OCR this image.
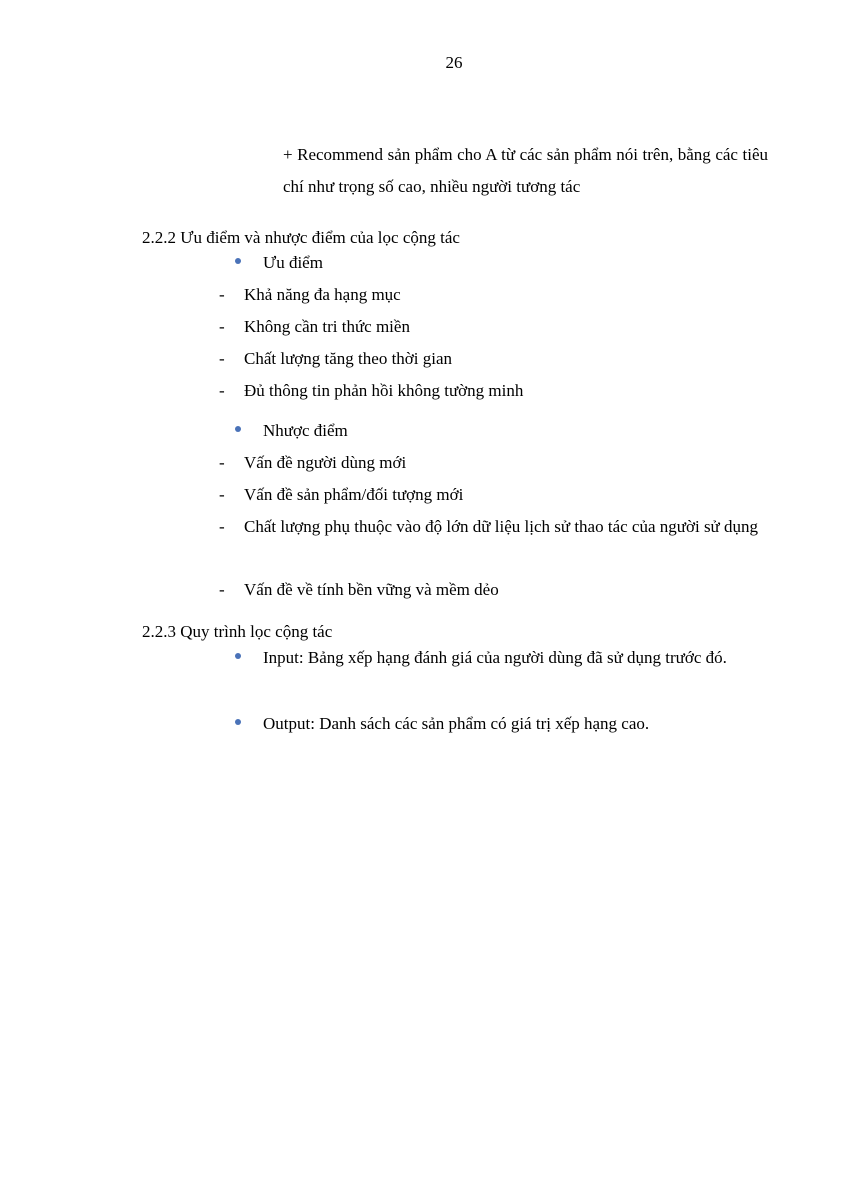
26
+ Recommend sản phẩm cho A từ các sản phẩm nói trên, bằng các tiêu chí như trọng số cao, nhiều người tương tác
2.2.2 Ưu điểm và nhược điểm của lọc cộng tác
Ưu điểm
- Khả năng đa hạng mục
- Không cần tri thức miền
- Chất lượng tăng theo thời gian
- Đủ thông tin phản hồi không tường minh
Nhược điểm
- Vấn đề người dùng mới
- Vấn đề sản phẩm/đối tượng mới
- Chất lượng phụ thuộc vào độ lớn dữ liệu lịch sử thao tác của người sử dụng
- Vấn đề về tính bền vững và mềm dẻo
2.2.3 Quy trình lọc cộng tác
Input: Bảng xếp hạng đánh giá của người dùng đã sử dụng trước đó.
Output: Danh sách các sản phẩm có giá trị xếp hạng cao.
